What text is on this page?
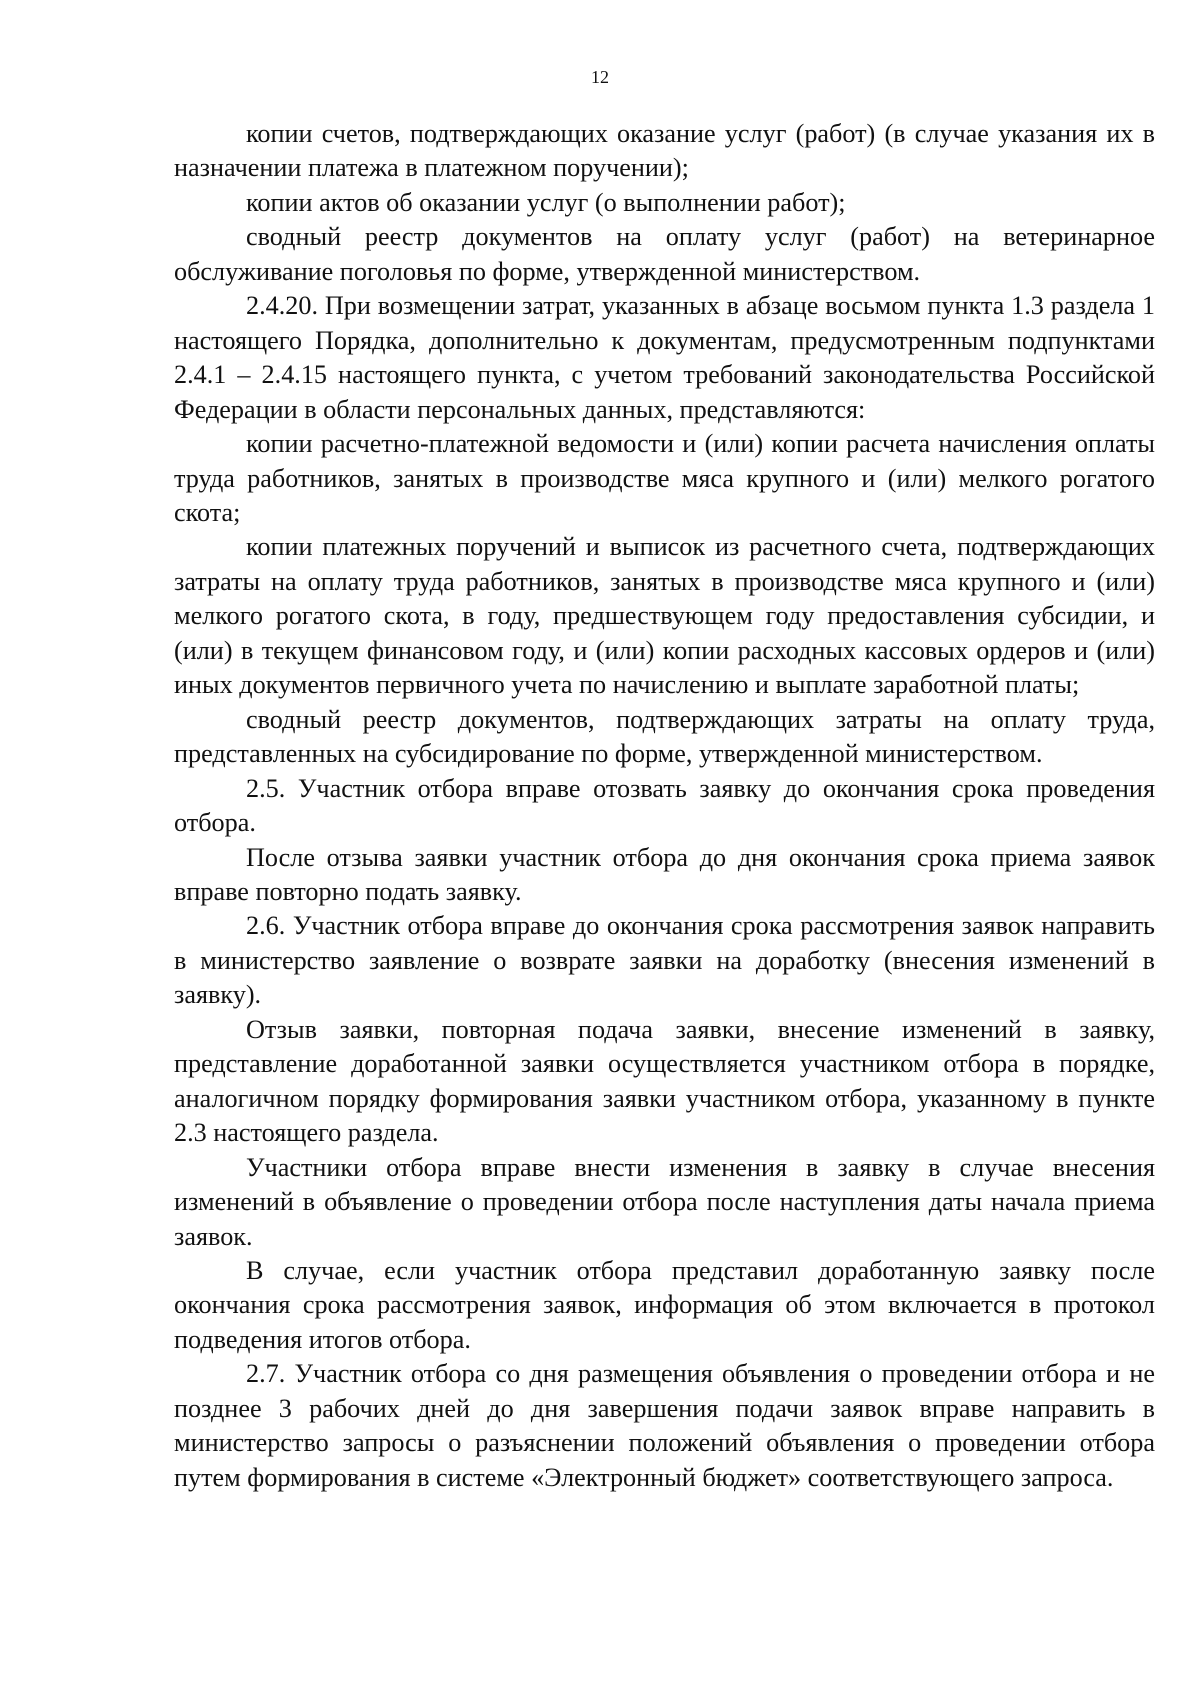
12

копии счетов, подтверждающих оказание услуг (работ) (в случае указания их в назначении платежа в платежном поручении);

копии актов об оказании услуг (о выполнении работ);

сводный реестр документов на оплату услуг (работ) на ветеринарное обслуживание поголовья по форме, утвержденной министерством.

2.4.20. При возмещении затрат, указанных в абзаце восьмом пункта 1.3 раздела 1 настоящего Порядка, дополнительно к документам, предусмотренным подпунктами 2.4.1 – 2.4.15 настоящего пункта, с учетом требований законодательства Российской Федерации в области персональных данных, представляются:

копии расчетно-платежной ведомости и (или) копии расчета начисления оплаты труда работников, занятых в производстве мяса крупного и (или) мелкого рогатого скота;

копии платежных поручений и выписок из расчетного счета, подтверждающих затраты на оплату труда работников, занятых в производстве мяса крупного и (или) мелкого рогатого скота, в году, предшествующем году предоставления субсидии, и (или) в текущем финансовом году, и (или) копии расходных кассовых ордеров и (или) иных документов первичного учета по начислению и выплате заработной платы;

сводный реестр документов, подтверждающих затраты на оплату труда, представленных на субсидирование по форме, утвержденной министерством.

2.5. Участник отбора вправе отозвать заявку до окончания срока проведения отбора.

После отзыва заявки участник отбора до дня окончания срока приема заявок вправе повторно подать заявку.

2.6. Участник отбора вправе до окончания срока рассмотрения заявок направить в министерство заявление о возврате заявки на доработку (внесения изменений в заявку).

Отзыв заявки, повторная подача заявки, внесение изменений в заявку, представление доработанной заявки осуществляется участником отбора в порядке, аналогичном порядку формирования заявки участником отбора, указанному в пункте 2.3 настоящего раздела.

Участники отбора вправе внести изменения в заявку в случае внесения изменений в объявление о проведении отбора после наступления даты начала приема заявок.

В случае, если участник отбора представил доработанную заявку после окончания срока рассмотрения заявок, информация об этом включается в протокол подведения итогов отбора.

2.7. Участник отбора со дня размещения объявления о проведении отбора и не позднее 3 рабочих дней до дня завершения подачи заявок вправе направить в министерство запросы о разъяснении положений объявления о проведении отбора путем формирования в системе «Электронный бюджет» соответствующего запроса.
